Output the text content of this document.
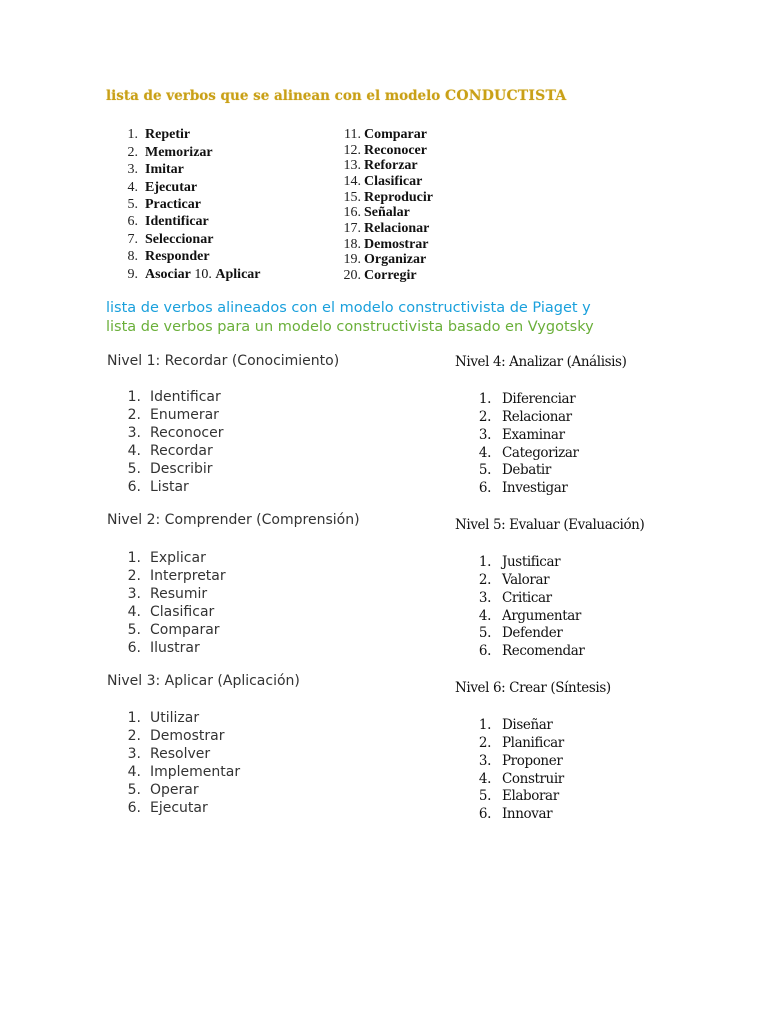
lista de verbos que se alinean con el modelo CONDUCTISTA
1. Repetir
2. Memorizar
3. Imitar
4. Ejecutar
5. Practicar
6. Identificar
7. Seleccionar
8. Responder
9. Asociar 10. Aplicar
11. Comparar
12. Reconocer
13. Reforzar
14. Clasificar
15. Reproducir
16. Señalar
17. Relacionar
18. Demostrar
19. Organizar
20. Corregir
lista de verbos alineados con el modelo constructivista de Piaget y
lista de verbos para un modelo constructivista basado en Vygotsky
Nivel 1: Recordar (Conocimiento)
1. Identificar
2. Enumerar
3. Reconocer
4. Recordar
5. Describir
6. Listar
Nivel 2: Comprender (Comprensión)
1. Explicar
2. Interpretar
3. Resumir
4. Clasificar
5. Comparar
6. Ilustrar
Nivel 3: Aplicar (Aplicación)
1. Utilizar
2. Demostrar
3. Resolver
4. Implementar
5. Operar
6. Ejecutar
Nivel 4: Analizar (Análisis)
1. Diferenciar
2. Relacionar
3. Examinar
4. Categorizar
5. Debatir
6. Investigar
Nivel 5: Evaluar (Evaluación)
1. Justificar
2. Valorar
3. Criticar
4. Argumentar
5. Defender
6. Recomendar
Nivel 6: Crear (Síntesis)
1. Diseñar
2. Planificar
3. Proponer
4. Construir
5. Elaborar
6. Innovar
